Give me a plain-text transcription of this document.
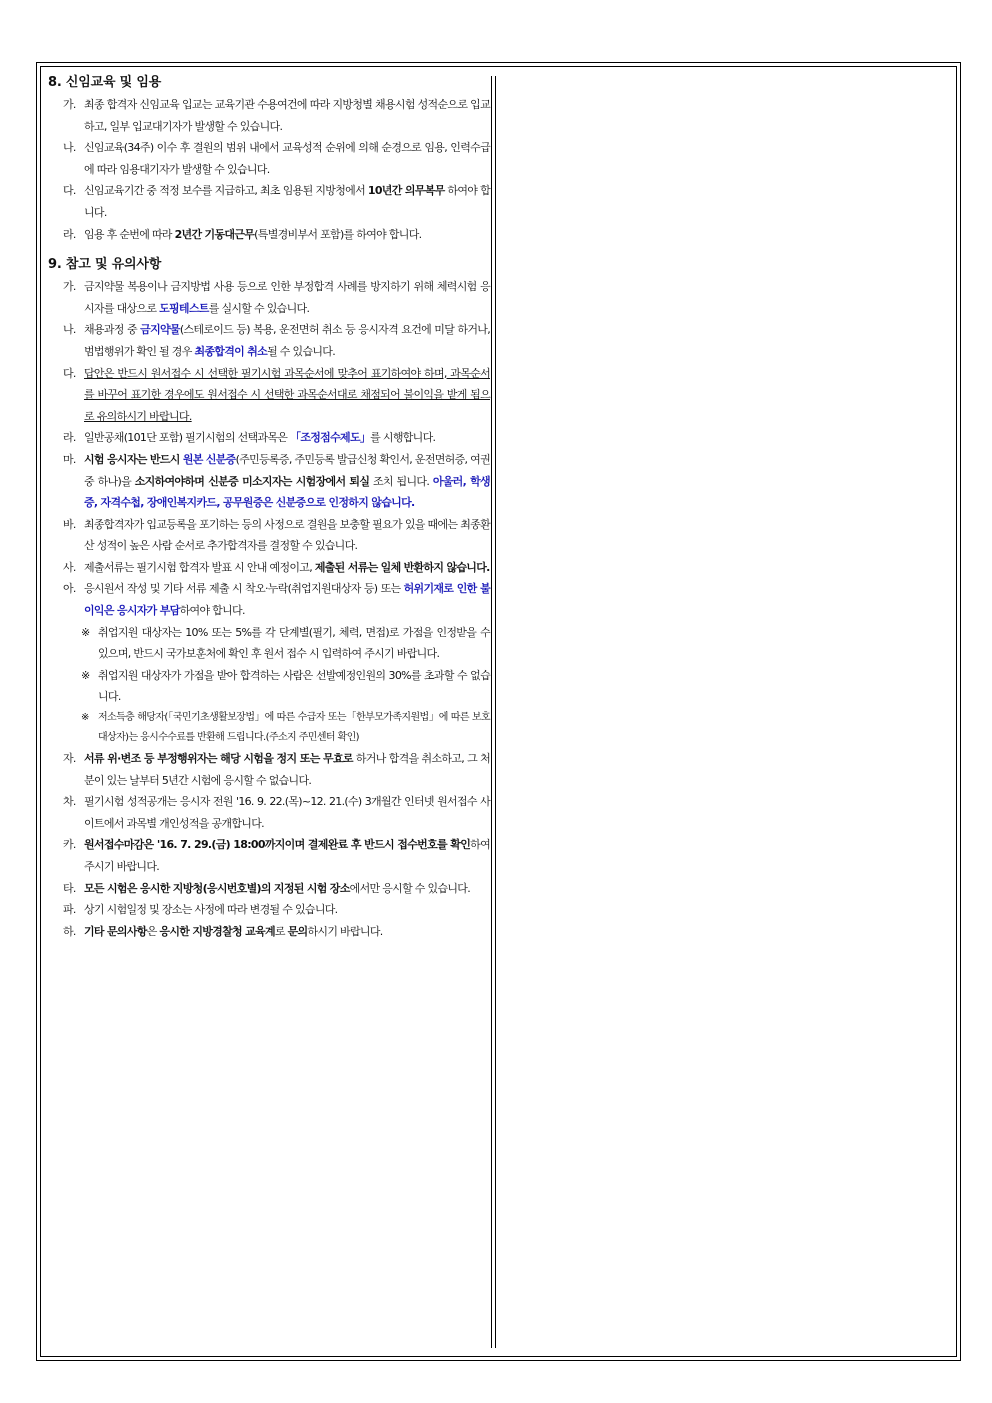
8. 신임교육 및 임용
가. 최종 합격자 신임교육 입교는 교육기관 수용여건에 따라 지방청별 채용시험 성적순으로 입교하고, 일부 입교대기자가 발생할 수 있습니다.
나. 신임교육(34주) 이수 후 결원의 범위 내에서 교육성적 순위에 의해 순경으로 임용, 인력수급에 따라 임용대기자가 발생할 수 있습니다.
다. 신임교육기간 중 적정 보수를 지급하고, 최초 임용된 지방청에서 10년간 의무복무 하여야 합니다.
라. 임용 후 순번에 따라 2년간 기동대근무(특별경비부서 포함)를 하여야 합니다.
9. 참고 및 유의사항
가. 금지약물 복용이나 금지방법 사용 등으로 인한 부정합격 사례를 방지하기 위해 체력시험 응시자를 대상으로 도핑테스트를 실시할 수 있습니다.
나. 채용과정 중 금지약물(스테로이드 등) 복용, 운전면허 취소 등 응시자격 요건에 미달 하거나, 범법행위가 확인 될 경우 최종합격이 취소될 수 있습니다.
다. 답안은 반드시 원서접수 시 선택한 필기시험 과목순서에 맞추어 표기하여야 하며, 과목순서를 바꾸어 표기한 경우에도 원서접수 시 선택한 과목순서대로 채점되어 불이익을 받게 됨으로 유의하시기 바랍니다.
라. 일반공채(101단 포함) 필기시험의 선택과목은 「조정점수제도」를 시행합니다.
마. 시험 응시자는 반드시 원본 신분증(주민등록증, 주민등록 발급신청 확인서, 운전면허증, 여권 중 하나)을 소지하여야하며 신분증 미소지자는 시험장에서 퇴실 조치 됩니다. 아울러, 학생증, 자격수첩, 장애인복지카드, 공무원증은 신분증으로 인정하지 않습니다.
바. 최종합격자가 입교등록을 포기하는 등의 사정으로 결원을 보충할 필요가 있을 때에는 최종환산 성적이 높은 사람 순서로 추가합격자를 결정할 수 있습니다.
사. 제출서류는 필기시험 합격자 발표 시 안내 예정이고, 제출된 서류는 일체 반환하지 않습니다.
아. 응시원서 작성 및 기타 서류 제출 시 착오·누락(취업지원대상자 등) 또는 허위기재로 인한 불이익은 응시자가 부담하여야 합니다.
※ 취업지원 대상자는 10% 또는 5%를 각 단계별(필기, 체력, 면접)로 가점을 인정받을 수 있으며, 반드시 국가보훈처에 확인 후 원서 접수 시 입력하여 주시기 바랍니다.
※ 취업지원 대상자가 가점을 받아 합격하는 사람은 선발예정인원의 30%를 초과할 수 없습니다.
※ 저소득층 해당자(「국민기초생활보장법」에 따른 수급자 또는「한부모가족지원법」에 따른 보호대상자)는 응시수수료를 반환해 드립니다.(주소지 주민센터 확인)
자. 서류 위·변조 등 부정행위자는 해당 시험을 정지 또는 무효로 하거나 합격을 취소하고, 그 처분이 있는 날부터 5년간 시험에 응시할 수 없습니다.
차. 필기시험 성적공개는 응시자 전원 '16. 9. 22.(목)~12. 21.(수) 3개월간 인터넷 원서접수 사이트에서 과목별 개인성적을 공개합니다.
카. 원서접수마감은 '16. 7. 29.(금) 18:00까지이며 결제완료 후 반드시 접수번호를 확인하여 주시기 바랍니다.
타. 모든 시험은 응시한 지방청(응시번호별)의 지정된 시험 장소에서만 응시할 수 있습니다.
파. 상기 시험일정 및 장소는 사정에 따라 변경될 수 있습니다.
하. 기타 문의사항은 응시한 지방경찰청 교육계로 문의하시기 바랍니다.
